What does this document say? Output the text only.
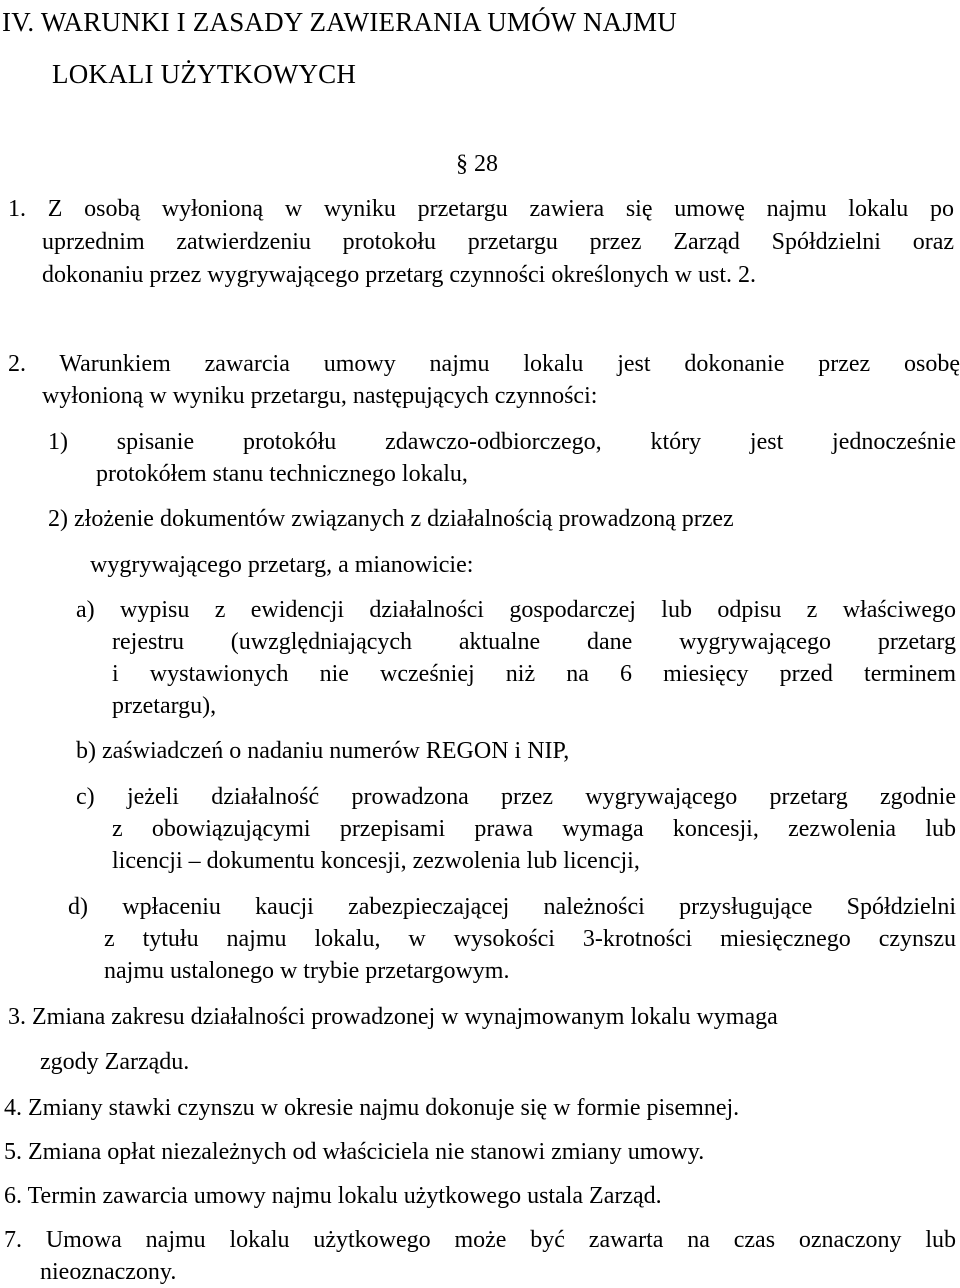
IV. WARUNKI I ZASADY ZAWIERANIA UMÓW NAJMU
LOKALI UŻYTKOWYCH
§ 28
1. Z osobą wyłonioną w wyniku przetargu zawiera się umowę najmu lokalu po
uprzednim zatwierdzeniu protokołu przetargu przez Zarząd Spółdzielni oraz
dokonaniu przez wygrywającego przetarg czynności określonych w ust. 2.
2. Warunkiem zawarcia umowy najmu lokalu jest dokonanie przez osobę
wyłonioną w wyniku przetargu, następujących czynności:
1) spisanie protokółu zdawczo-odbiorczego, który jest jednocześnie
protokółem stanu technicznego lokalu,
2) złożenie dokumentów związanych z działalnością prowadzoną przez
wygrywającego przetarg, a mianowicie:
a) wypisu z ewidencji działalności gospodarczej lub odpisu z właściwego
rejestru (uwzględniających aktualne dane wygrywającego przetarg
i wystawionych nie wcześniej niż na 6 miesięcy przed terminem
przetargu),
b) zaświadczeń o nadaniu numerów REGON i NIP,
c) jeżeli działalność prowadzona przez wygrywającego przetarg zgodnie
z obowiązującymi przepisami prawa wymaga koncesji, zezwolenia lub
licencji – dokumentu koncesji, zezwolenia lub licencji,
d) wpłaceniu kaucji zabezpieczającej należności przysługujące Spółdzielni
z tytułu najmu lokalu, w wysokości 3-krotności miesięcznego czynszu
najmu ustalonego w trybie przetargowym.
3. Zmiana zakresu działalności prowadzonej w wynajmowanym lokalu wymaga
zgody Zarządu.
4. Zmiany stawki czynszu w okresie najmu dokonuje się w formie pisemnej.
5. Zmiana opłat niezależnych od właściciela nie stanowi zmiany umowy.
6. Termin zawarcia umowy najmu lokalu użytkowego ustala Zarząd.
7. Umowa najmu lokalu użytkowego może być zawarta na czas oznaczony lub
nieoznaczony.
